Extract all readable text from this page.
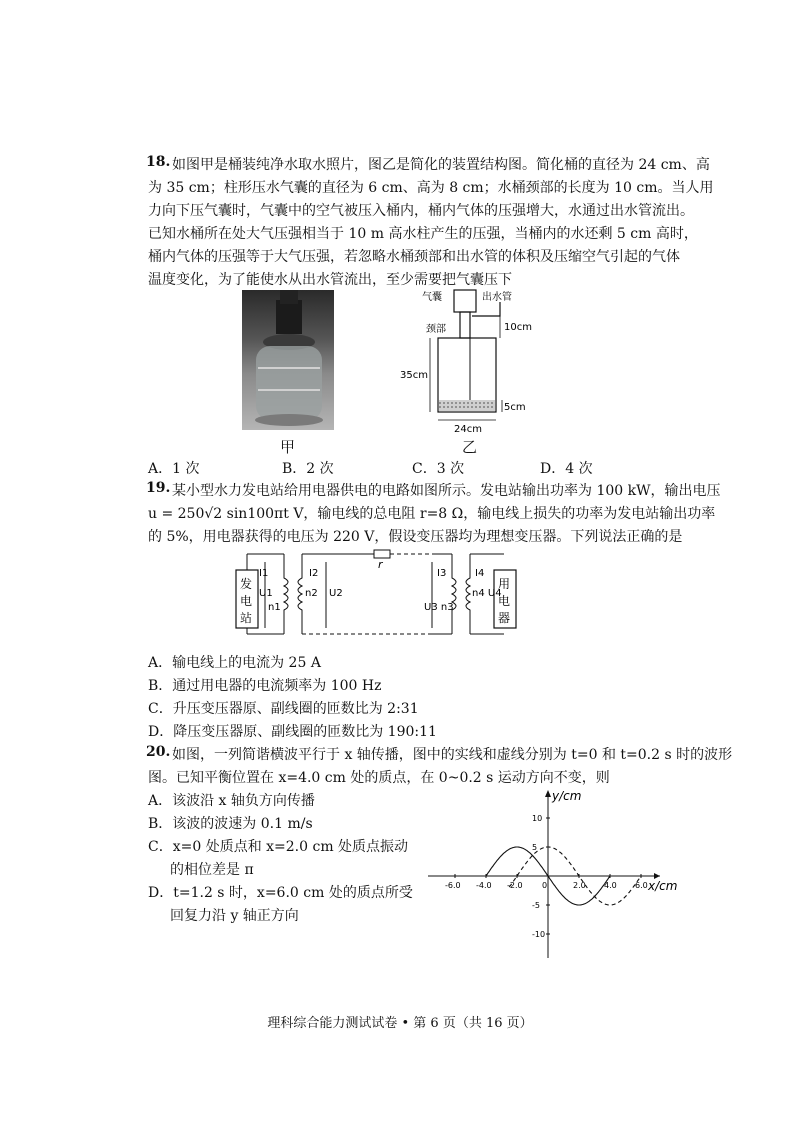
18. 如图甲是桶装纯净水取水照片，图乙是简化的装置结构图。简化桶的直径为 24 cm、高
为 35 cm；柱形压水气囊的直径为 6 cm、高为 8 cm；水桶颈部的长度为 10 cm。当人用
力向下压气囊时，气囊中的空气被压入桶内，桶内气体的压强增大，水通过出水管流出。
已知水桶所在处大气压强相当于 10 m 高水柱产生的压强，当桶内的水还剩 5 cm 高时，
桶内气体的压强等于大气压强，若忽略水桶颈部和出水管的体积及压缩空气引起的气体
温度变化，为了能使水从出水管流出，至少需要把气囊压下
甲
气囊	出水管
颈部	10cm
35cm
5cm
24cm
乙
A．1 次	B．2 次	C．3 次	D．4 次
19. 某小型水力发电站给用电器供电的电路如图所示。发电站输出功率为 100 kW，输出电压
u = 250√2 sin100πt V，输电线的总电阻 r=8 Ω，输电线上损失的功率为发电站输出功率
的 5%，用电器获得的电压为 220 V，假设变压器均为理想变压器。下列说法正确的是
发
电
站
用
电
器
r
I1
U1
n1
I2
n2 U2
I3
U3 n3
I4
n4 U4
A．输电线上的电流为 25 A
B．通过用电器的电流频率为 100 Hz
C．升压变压器原、副线圈的匝数比为 2:31
D．降压变压器原、副线圈的匝数比为 190:11
20. 如图，一列简谐横波平行于 x 轴传播，图中的实线和虚线分别为 t=0 和 t=0.2 s 时的波形
图。已知平衡位置在 x=4.0 cm 处的质点，在 0~0.2 s 运动方向不变，则
A．该波沿 x 轴负方向传播
B．该波的波速为 0.1 m/s
C．x=0 处质点和 x=2.0 cm 处质点振动
的相位差是 π
D．t=1.2 s 时，x=6.0 cm 处的质点所受
回复力沿 y 轴正方向
y/cm
x/cm
-6.0 -4.0 -2.0 0	2.0 4.0 6.0
10
5
-5
-10
理科综合能力测试试卷 • 第 6 页（共 16 页）
